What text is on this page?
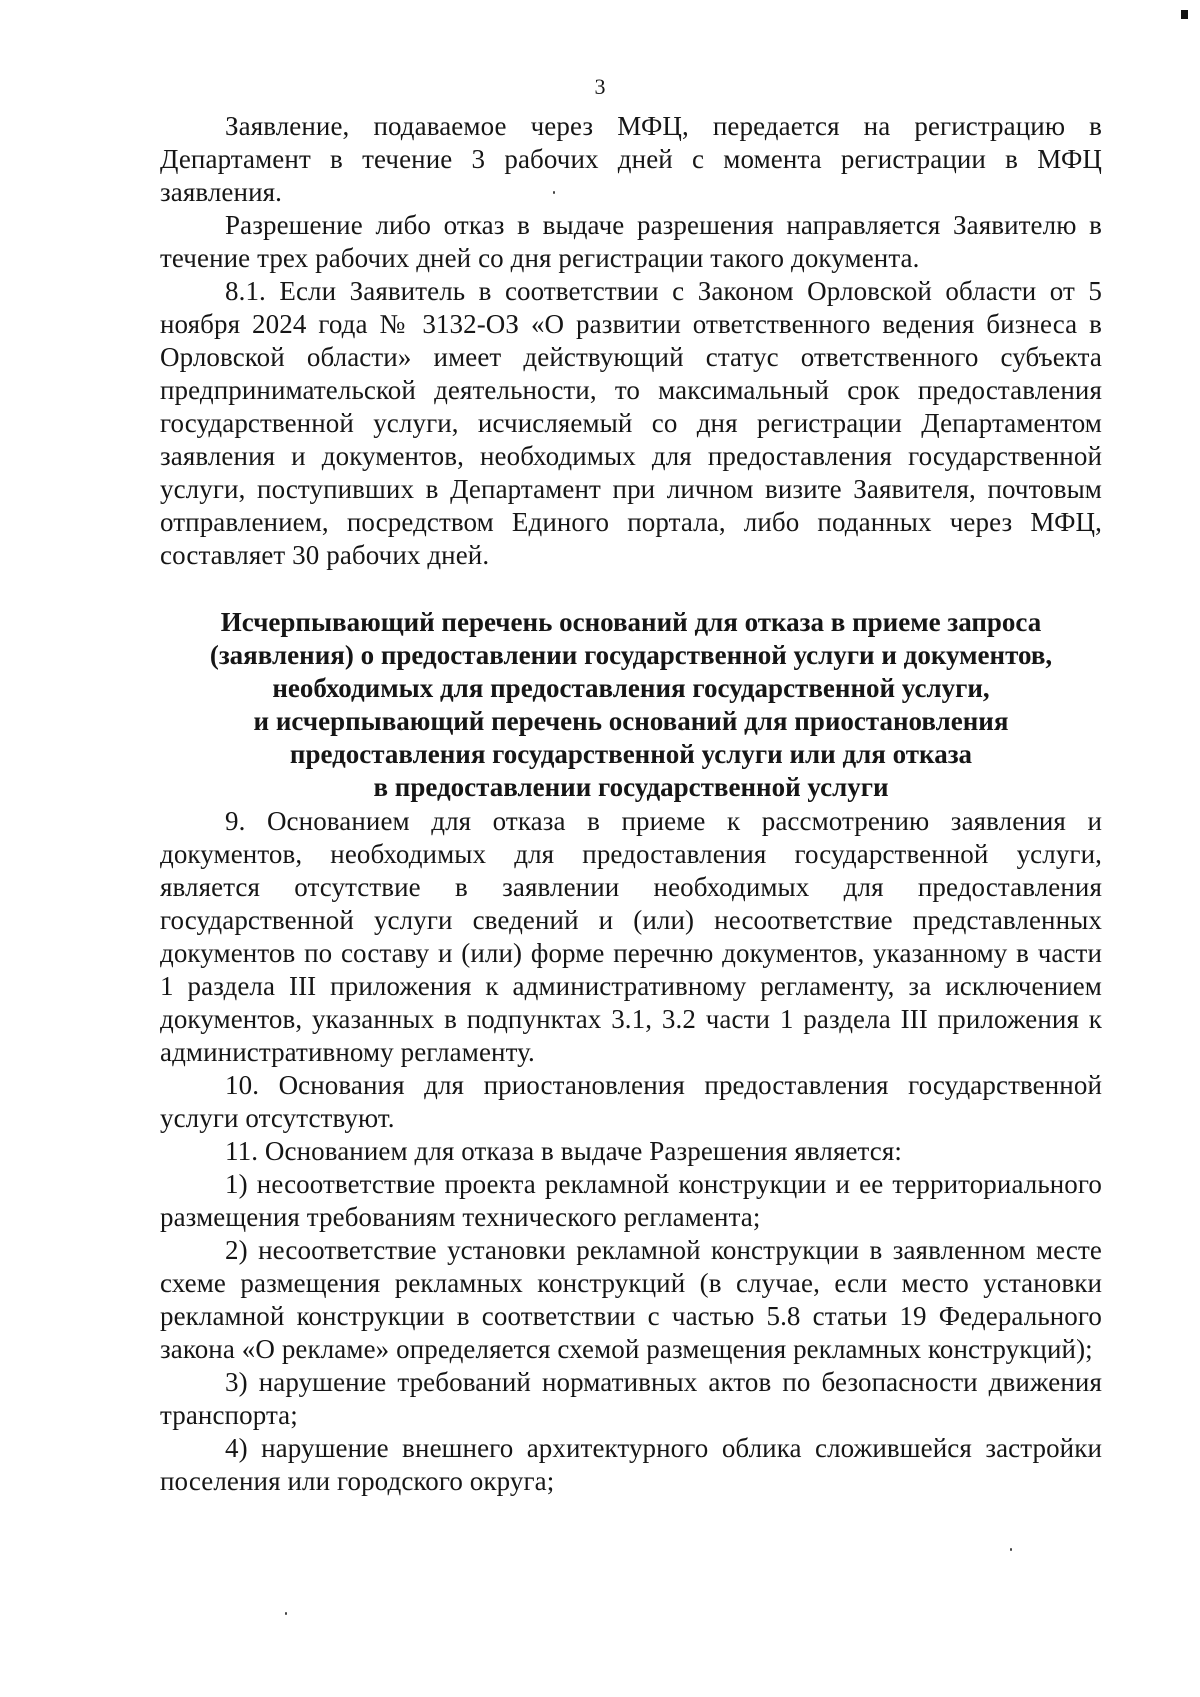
3

Заявление, подаваемое через МФЦ, передается на регистрацию в Департамент в течение 3 рабочих дней с момента регистрации в МФЦ заявления.

Разрешение либо отказ в выдаче разрешения направляется Заявителю в течение трех рабочих дней со дня регистрации такого документа.

8.1. Если Заявитель в соответствии с Законом Орловской области от 5 ноября 2024 года № 3132-ОЗ «О развитии ответственного ведения бизнеса в Орловской области» имеет действующий статус ответственного субъекта предпринимательской деятельности, то максимальный срок предоставления государственной услуги, исчисляемый со дня регистрации Департаментом заявления и документов, необходимых для предоставления государственной услуги, поступивших в Департамент при личном визите Заявителя, почтовым отправлением, посредством Единого портала, либо поданных через МФЦ, составляет 30 рабочих дней.

Исчерпывающий перечень оснований для отказа в приеме запроса
(заявления) о предоставлении государственной услуги и документов,
необходимых для предоставления государственной услуги,
и исчерпывающий перечень оснований для приостановления
предоставления государственной услуги или для отказа
в предоставлении государственной услуги

9. Основанием для отказа в приеме к рассмотрению заявления и документов, необходимых для предоставления государственной услуги, является отсутствие в заявлении необходимых для предоставления государственной услуги сведений и (или) несоответствие представленных документов по составу и (или) форме перечню документов, указанному в части 1 раздела III приложения к административному регламенту, за исключением документов, указанных в подпунктах 3.1, 3.2 части 1 раздела III приложения к административному регламенту.

10. Основания для приостановления предоставления государственной услуги отсутствуют.

11. Основанием для отказа в выдаче Разрешения является:

1) несоответствие проекта рекламной конструкции и ее территориального размещения требованиям технического регламента;

2) несоответствие установки рекламной конструкции в заявленном месте схеме размещения рекламных конструкций (в случае, если место установки рекламной конструкции в соответствии с частью 5.8 статьи 19 Федерального закона «О рекламе» определяется схемой размещения рекламных конструкций);

3) нарушение требований нормативных актов по безопасности движения транспорта;

4) нарушение внешнего архитектурного облика сложившейся застройки поселения или городского округа;
